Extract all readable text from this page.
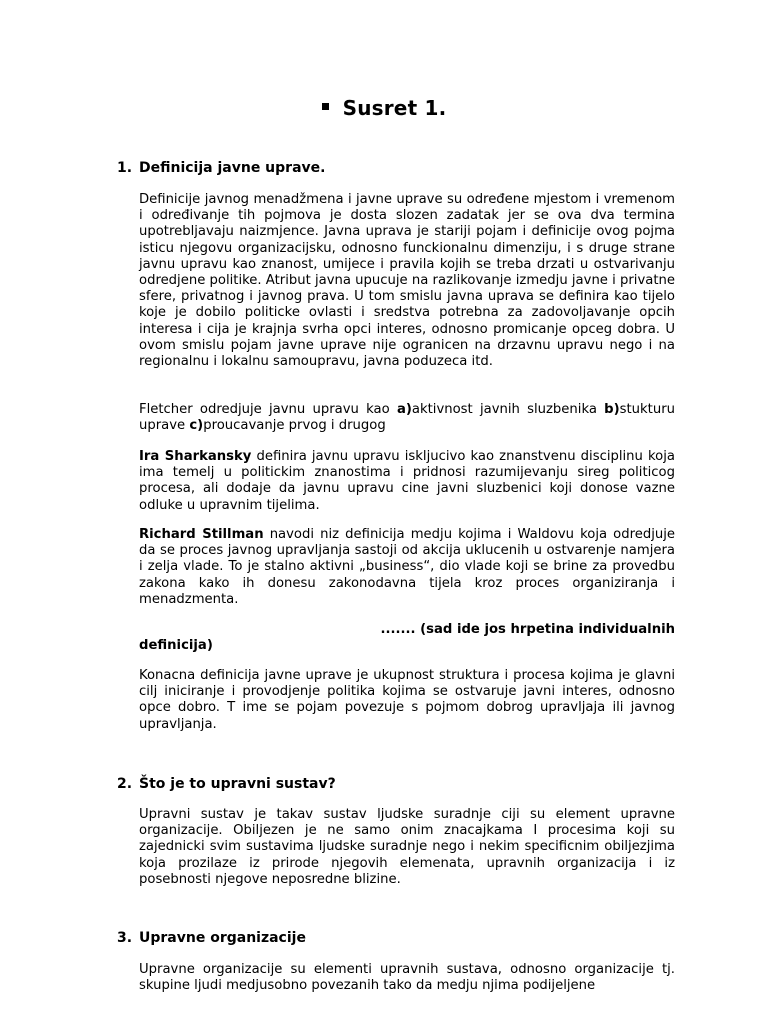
Susret 1.
1. Definicija javne uprave.
Definicije javnog menadžmena i javne uprave su određene mjestom i vremenom i određivanje tih pojmova je dosta slozen zadatak jer se ova dva termina upotrebljavaju naizmjence. Javna uprava je stariji pojam i definicije ovog pojma isticu njegovu organizacijsku, odnosno funckionalnu dimenziju, i s druge strane javnu upravu kao znanost, umijece i pravila kojih se treba drzati u ostvarivanju odredjene politike. Atribut javna upucuje na razlikovanje izmedju javne i privatne sfere, privatnog i javnog prava. U tom smislu javna uprava se definira kao tijelo koje je dobilo politicke ovlasti i sredstva potrebna za zadovoljavanje opcih interesa i cija je krajnja svrha opci interes, odnosno promicanje opceg dobra. U ovom smislu pojam javne uprave nije ogranicen na drzavnu upravu nego i na regionalnu i lokalnu samoupravu, javna poduzeca itd.
Fletcher odredjuje javnu upravu kao a)aktivnost javnih sluzbenika b)stukturu uprave c)proucavanje prvog i drugog
Ira Sharkansky definira javnu upravu iskljucivo kao znanstvenu disciplinu koja ima temelj u politickim znanostima i pridnosi razumijevanju sireg politicog procesa, ali dodaje da javnu upravu cine javni sluzbenici koji donose vazne odluke u upravnim tijelima.
Richard Stillman navodi niz definicija medju kojima i Waldovu koja odredjuje da se proces javnog upravljanja sastoji od akcija uklucenih u ostvarenje namjera i zelja vlade. To je stalno aktivni „business“, dio vlade koji se brine za provedbu zakona kako ih donesu zakonodavna tijela kroz proces organiziranja i menadzmenta.
....... (sad ide jos hrpetina individualnih
definicija)
Konacna definicija javne uprave je ukupnost struktura i procesa kojima je glavni cilj iniciranje i provodjenje politika kojima se ostvaruje javni interes, odnosno opce dobro. T ime se pojam povezuje s pojmom dobrog upravljaja ili javnog upravljanja.
2. Što je to upravni sustav?
Upravni sustav je takav sustav ljudske suradnje ciji su element upravne organizacije. Obiljezen je ne samo onim znacajkama I procesima koji su zajednicki svim sustavima ljudske suradnje nego i nekim specificnim obiljezjima koja prozilaze iz prirode njegovih elemenata, upravnih organizacija i iz posebnosti njegove neposredne blizine.
3. Upravne organizacije
Upravne organizacije su elementi upravnih sustava, odnosno organizacije tj. skupine ljudi medjusobno povezanih tako da medju njima podijeljene
